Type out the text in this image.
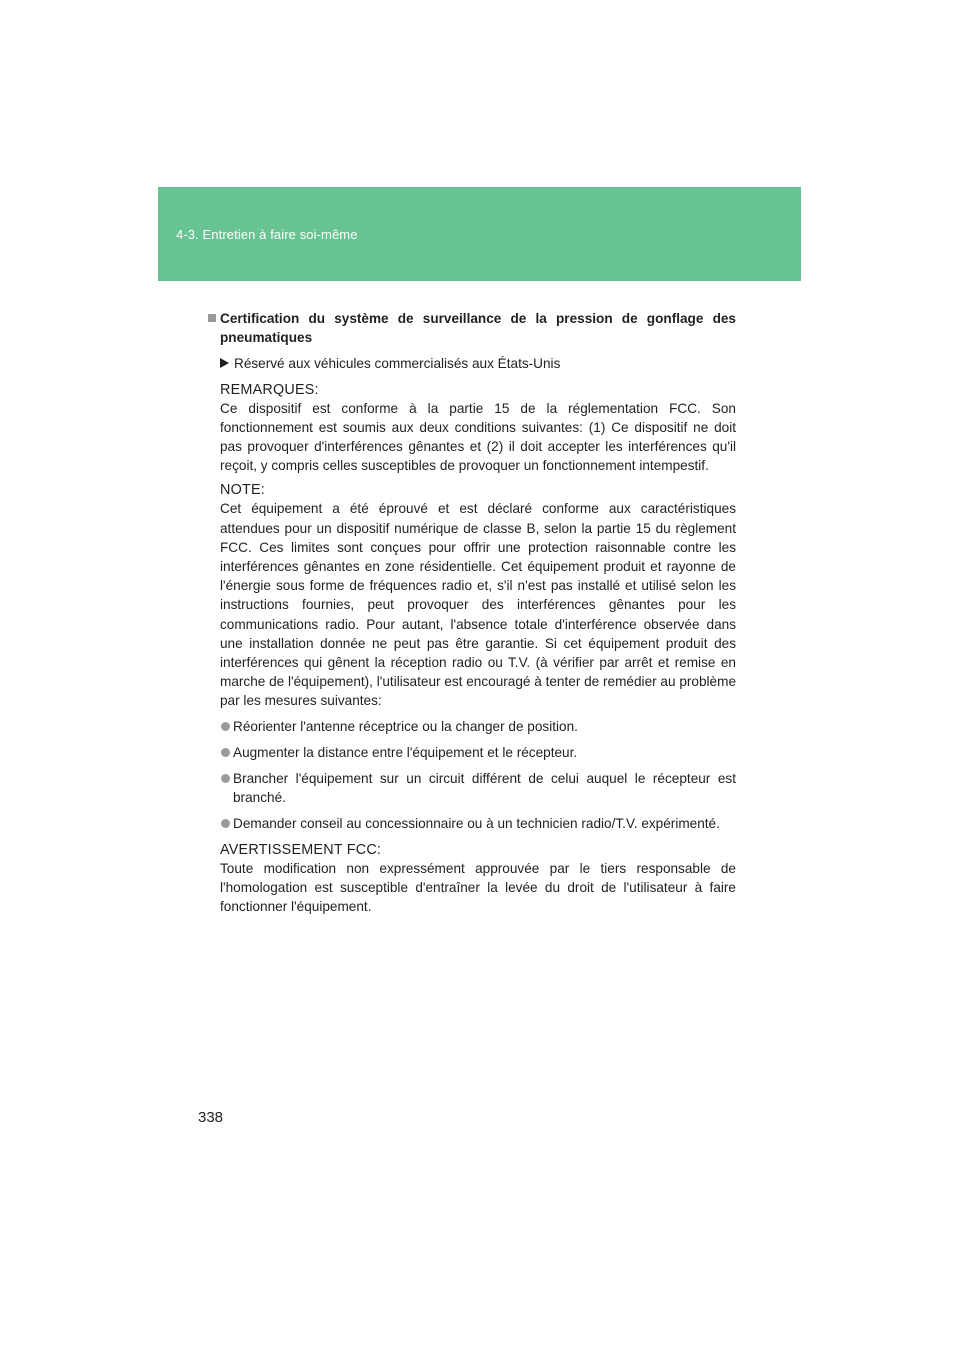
4-3. Entretien à faire soi-même
Certification du système de surveillance de la pression de gonflage des pneumatiques
Réservé aux véhicules commercialisés aux États-Unis
REMARQUES:
Ce dispositif est conforme à la partie 15 de la réglementation FCC. Son fonctionnement est soumis aux deux conditions suivantes: (1) Ce dispositif ne doit pas provoquer d'interférences gênantes et (2) il doit accepter les interférences qu'il reçoit, y compris celles susceptibles de provoquer un fonctionnement intempestif.
NOTE:
Cet équipement a été éprouvé et est déclaré conforme aux caractéristiques attendues pour un dispositif numérique de classe B, selon la partie 15 du règlement FCC. Ces limites sont conçues pour offrir une protection raisonnable contre les interférences gênantes en zone résidentielle. Cet équipement produit et rayonne de l'énergie sous forme de fréquences radio et, s'il n'est pas installé et utilisé selon les instructions fournies, peut provoquer des interférences gênantes pour les communications radio. Pour autant, l'absence totale d'interférence observée dans une installation donnée ne peut pas être garantie. Si cet équipement produit des interférences qui gênent la réception radio ou T.V. (à vérifier par arrêt et remise en marche de l'équipement), l'utilisateur est encouragé à tenter de remédier au problème par les mesures suivantes:
Réorienter l'antenne réceptrice ou la changer de position.
Augmenter la distance entre l'équipement et le récepteur.
Brancher l'équipement sur un circuit différent de celui auquel le récepteur est branché.
Demander conseil au concessionnaire ou à un technicien radio/T.V. expérimenté.
AVERTISSEMENT FCC:
Toute modification non expressément approuvée par le tiers responsable de l'homologation est susceptible d'entraîner la levée du droit de l'utilisateur à faire fonctionner l'équipement.
338
